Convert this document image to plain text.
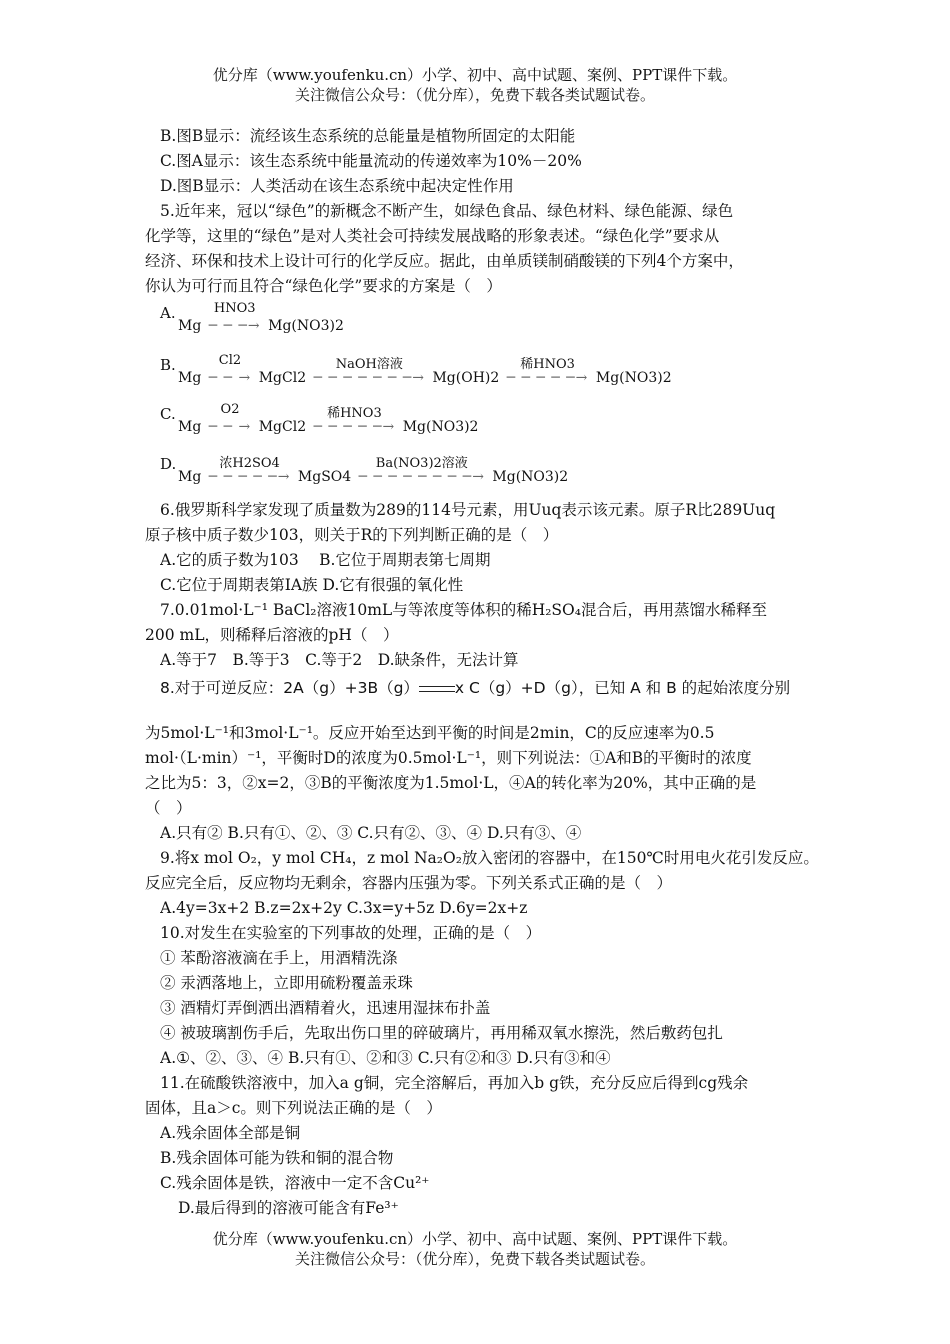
优分库（www.youfenku.cn）小学、初中、高中试题、案例、PPT课件下载。
关注微信公众号：（优分库），免费下载各类试题试卷。
B.图B显示：流经该生态系统的总能量是植物所固定的太阳能
C.图A显示：该生态系统中能量流动的传递效率为10%－20%
D.图B显示：人类活动在该生态系统中起决定性作用
5.近年来，冠以“绿色”的新概念不断产生，如绿色食品、绿色材料、绿色能源、绿色
化学等，这里的“绿色”是对人类社会可持续发展战略的形象表述。“绿色化学”要求从
经济、环保和技术上设计可行的化学反应。据此，由单质镁制硝酸镁的下列4个方案中，
你认为可行而且符合“绿色化学”要求的方案是（　）
A.
Mg
HNO3
─ ─ ─→ Mg(NO3)2
B.
Mg
Cl2
─ ─ → MgCl2
NaOH溶液
─ ─ ─ ─ ─ ─ ─→ Mg(OH)2
稀HNO3
─ ─ ─ ─ ─→ Mg(NO3)2
C.
Mg
O2
─ ─ → MgCl2
稀HNO3
─ ─ ─ ─ ─→ Mg(NO3)2
D.
Mg
浓H2SO4
─ ─ ─ ─ ─→ MgSO4
Ba(NO3)2溶液
─ ─ ─ ─ ─ ─ ─ ─→ Mg(NO3)2
6.俄罗斯科学家发现了质量数为289的114号元素，用Uuq表示该元素。原子R比289Uuq
原子核中质子数少103，则关于R的下列判断正确的是（　）
A.它的质子数为103　 B.它位于周期表第七周期
C.它位于周期表第ⅠA族 D.它有很强的氧化性
7.0.01mol·L⁻¹ BaCl₂溶液10mL与等浓度等体积的稀H₂SO₄混合后，再用蒸馏水稀释至
200 mL，则稀释后溶液的pH（　）
A.等于7　B.等于3　C.等于2　D.缺条件，无法计算
8.对于可逆反应：2A（g）+3B（g） x C（g）+D（g），已知 A 和 B 的起始浓度分别
为5mol·L⁻¹和3mol·L⁻¹。反应开始至达到平衡的时间是2min，C的反应速率为0.5
mol·（L·min）⁻¹，平衡时D的浓度为0.5mol·L⁻¹，则下列说法：①A和B的平衡时的浓度
之比为5：3，②x=2，③B的平衡浓度为1.5mol·L，④A的转化率为20%，其中正确的是
（　）
A.只有② B.只有①、②、③ C.只有②、③、④ D.只有③、④
9.将x mol O₂，y mol CH₄，z mol Na₂O₂放入密闭的容器中，在150℃时用电火花引发反应。
反应完全后，反应物均无剩余，容器内压强为零。下列关系式正确的是（　）
A.4y=3x+2 B.z=2x+2y C.3x=y+5z D.6y=2x+z
10.对发生在实验室的下列事故的处理，正确的是（　）
① 苯酚溶液滴在手上，用酒精洗涤
② 汞洒落地上，立即用硫粉覆盖汞珠
③ 酒精灯弄倒洒出酒精着火，迅速用湿抹布扑盖
④ 被玻璃割伤手后，先取出伤口里的碎破璃片，再用稀双氧水擦洗，然后敷药包扎
A.①、②、③、④ B.只有①、②和③ C.只有②和③ D.只有③和④
11.在硫酸铁溶液中，加入a g铜，完全溶解后，再加入b g铁，充分反应后得到cg残余
固体，且a＞c。则下列说法正确的是（　）
A.残余固体全部是铜
B.残余固体可能为铁和铜的混合物
C.残余固体是铁，溶液中一定不含Cu²⁺
D.最后得到的溶液可能含有Fe³⁺
优分库（www.youfenku.cn）小学、初中、高中试题、案例、PPT课件下载。
关注微信公众号：（优分库），免费下载各类试题试卷。
